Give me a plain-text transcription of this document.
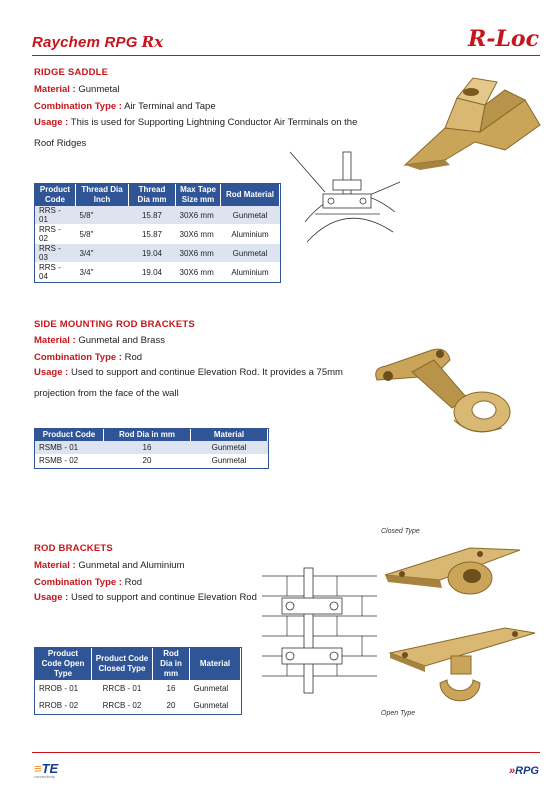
Raychem RPG Rx	R-Loc
RIDGE SADDLE
Material : Gunmetal
Combination Type : Air Terminal and Tape
Usage : This is used for Supporting Lightning Conductor Air Terminals on the Roof Ridges
Product Code	Thread Dia Inch	Thread Dia mm	Max Tape Size mm	Rod Material
RRS - 01	5/8"	15.87	30X6 mm	Gunmetal
RRS - 02	5/8"	15.87	30X6 mm	Aluminium
RRS - 03	3/4"	19.04	30X6 mm	Gunmetal
RRS - 04	3/4"	19.04	30X6 mm	Aluminium
SIDE MOUNTING ROD BRACKETS
Material : Gunmetal and Brass
Combination Type : Rod
Usage : Used to support and continue Elevation Rod. It provides a 75mm projection from the face of the wall
Product Code	Rod Dia in mm	Material
RSMB - 01	16	Gunmetal
RSMB - 02	20	Gunmetal
ROD BRACKETS
Material : Gunmetal and Aluminium
Combination Type : Rod
Usage : Used to support and continue Elevation Rod
Product Code Open Type	Product Code Closed Type	Rod Dia in mm	Material
RROB - 01	RRCB - 01	16	Gunmetal
RROB - 02	RRCB - 02	20	Gunmetal
Closed Type
Open Type
≡TE
connectivity	»RPG
